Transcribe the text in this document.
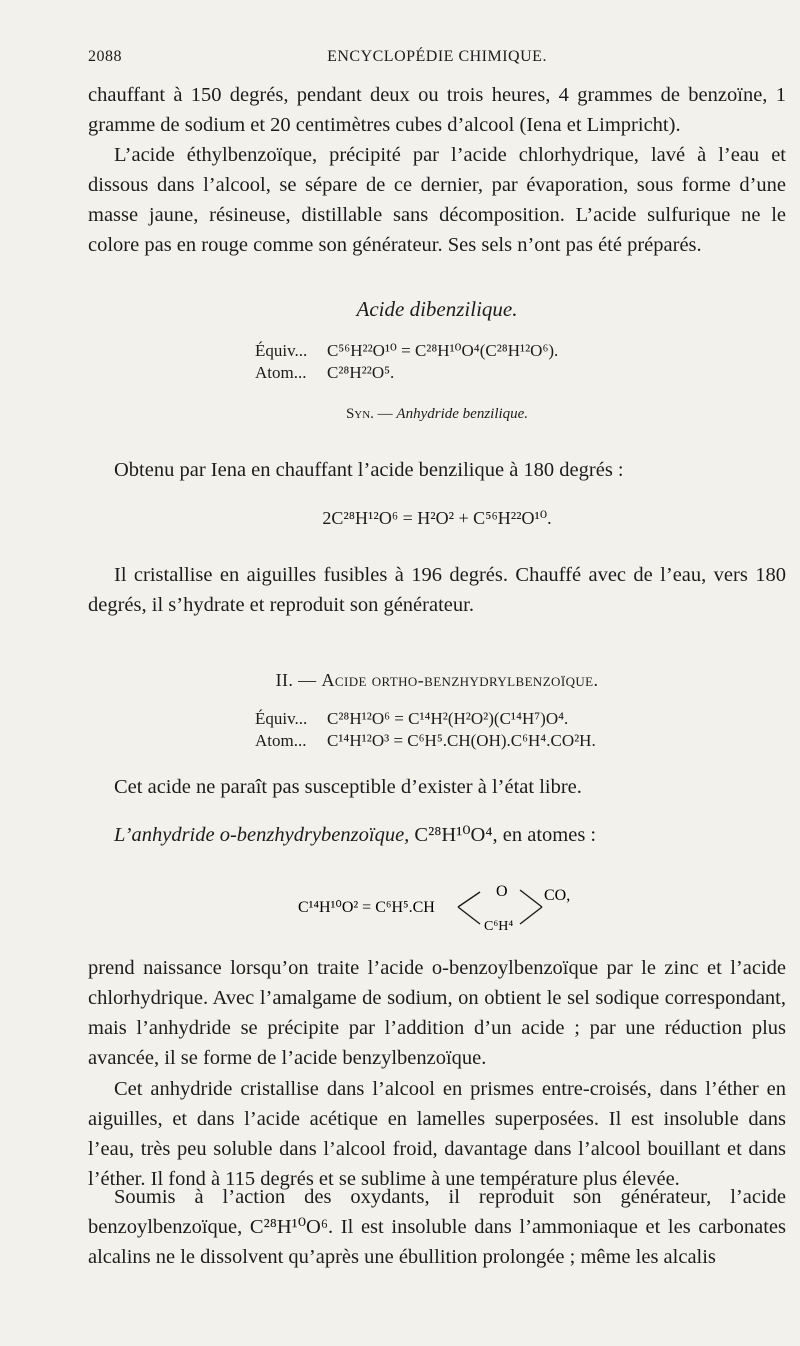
2088	ENCYCLOPÉDIE CHIMIQUE.

chauffant à 150 degrés, pendant deux ou trois heures, 4 grammes de benzoïne, 1 gramme de sodium et 20 centimètres cubes d’alcool (Iena et Limpricht).

L’acide éthylbenzoïque, précipité par l’acide chlorhydrique, lavé à l’eau et dissous dans l’alcool, se sépare de ce dernier, par évaporation, sous forme d’une masse jaune, résineuse, distillable sans décomposition. L’acide sulfurique ne le colore pas en rouge comme son générateur. Ses sels n’ont pas été préparés.

Acide dibenzilique.

Équiv... C⁵⁶H²²O¹⁰ = C²⁸H¹⁰O⁴(C²⁸H¹²O⁶).
Atom... C²⁸H²²O⁵.

Syn. — Anhydride benzilique.

Obtenu par Iena en chauffant l’acide benzilique à 180 degrés :

2C²⁸H¹²O⁶ = H²O² + C⁵⁶H²²O¹⁰.

Il cristallise en aiguilles fusibles à 196 degrés. Chauffé avec de l’eau, vers 180 degrés, il s’hydrate et reproduit son générateur.

II. — Acide ortho-benzhydrylbenzoïque.

Équiv... C²⁸H¹²O⁶ = C¹⁴H²(H²O²)(C¹⁴H⁷)O⁴.
Atom... C¹⁴H¹²O³ = C⁶H⁵.CH(OH).C⁶H⁴.CO²H.

Cet acide ne paraît pas susceptible d’exister à l’état libre.

L’anhydride o-benzhydrybenzoïque, C²⁸H¹⁰O⁴, en atomes :

C¹⁴H¹⁰O² = C⁶H⁵.CH
O
C⁶H⁴
CO,

prend naissance lorsqu’on traite l’acide o-benzoylbenzoïque par le zinc et l’acide chlorhydrique. Avec l’amalgame de sodium, on obtient le sel sodique correspondant, mais l’anhydride se précipite par l’addition d’un acide ; par une réduction plus avancée, il se forme de l’acide benzylbenzoïque.

Cet anhydride cristallise dans l’alcool en prismes entre-croisés, dans l’éther en aiguilles, et dans l’acide acétique en lamelles superposées. Il est insoluble dans l’eau, très peu soluble dans l’alcool froid, davantage dans l’alcool bouillant et dans l’éther. Il fond à 115 degrés et se sublime à une température plus élevée.

Soumis à l’action des oxydants, il reproduit son générateur, l’acide benzoylbenzoïque, C²⁸H¹⁰O⁶. Il est insoluble dans l’ammoniaque et les carbonates alcalins ne le dissolvent qu’après une ébullition prolongée ; même les alcalis
